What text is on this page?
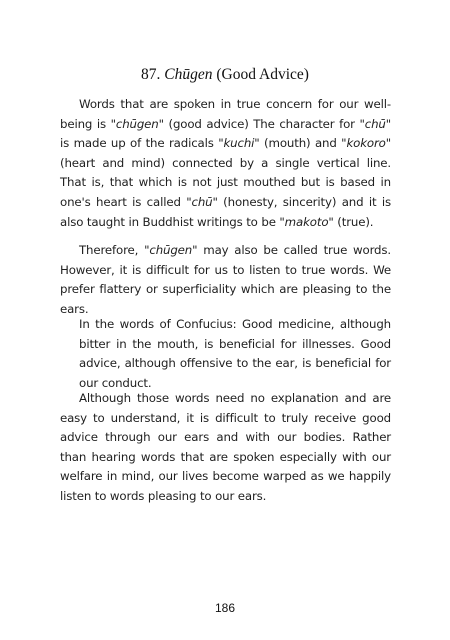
87. Chūgen (Good Advice)

Words that are spoken in true concern for our well-being is "chūgen" (good advice) The character for "chū" is made up of the radicals "kuchi" (mouth) and "kokoro" (heart and mind) connected by a single vertical line. That is, that which is not just mouthed but is based in one's heart is called "chū" (honesty, sincerity) and it is also taught in Buddhist writings to be "makoto" (true).

Therefore, "chūgen" may also be called true words. However, it is difficult for us to listen to true words. We prefer flattery or superficiality which are pleasing to the ears.

In the words of Confucius: Good medicine, although bitter in the mouth, is beneficial for illnesses. Good advice, although offensive to the ear, is beneficial for our conduct.

Although those words need no explanation and are easy to understand, it is difficult to truly receive good advice through our ears and with our bodies. Rather than hearing words that are spoken especially with our welfare in mind, our lives become warped as we happily listen to words pleasing to our ears.

186
